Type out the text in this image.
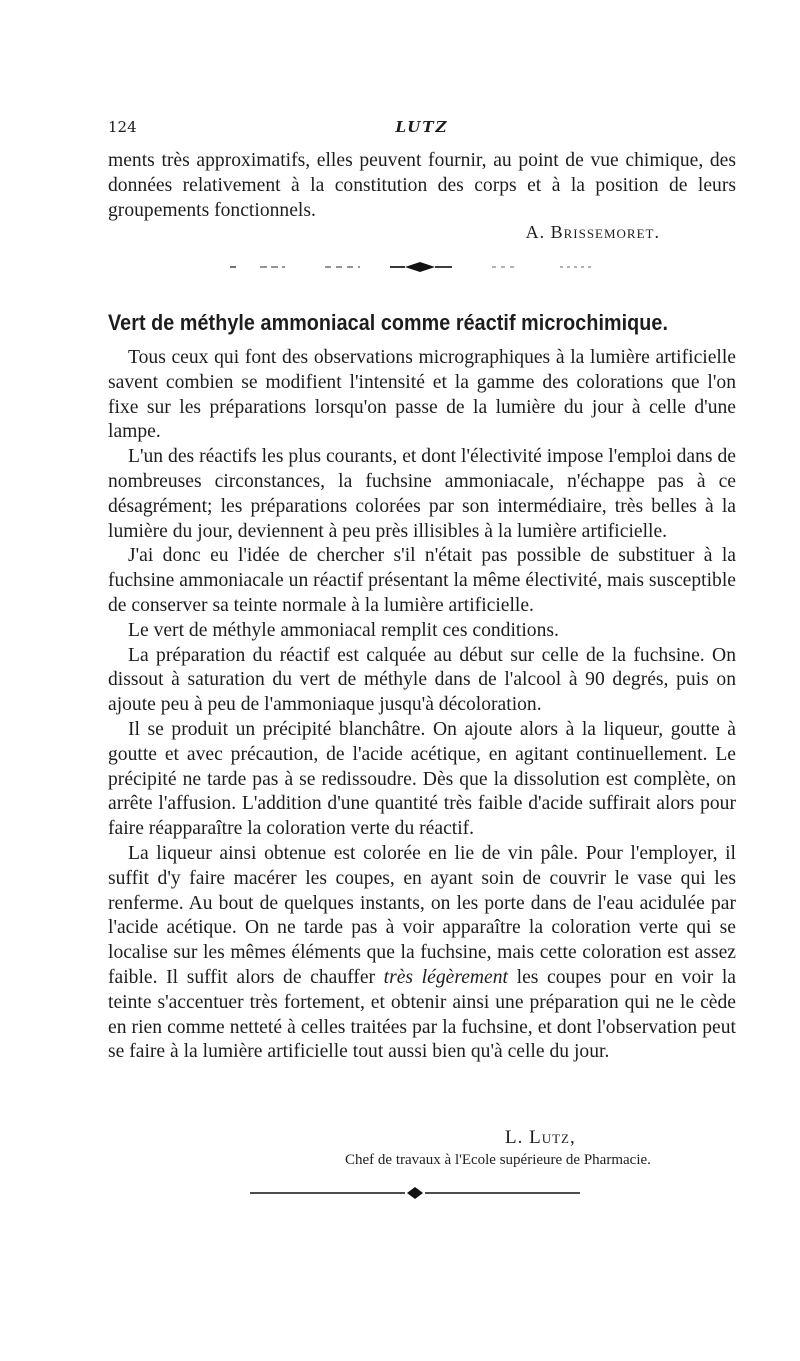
124	LUTZ

ments très approximatifs, elles peuvent fournir, au point de vue chimique, des données relativement à la constitution des corps et à la position de leurs groupements fonctionnels.

A. Brissemoret.
Vert de méthyle ammoniacal comme réactif microchimique.

Tous ceux qui font des observations micrographiques à la lumière artificielle savent combien se modifient l'intensité et la gamme des colorations que l'on fixe sur les préparations lorsqu'on passe de la lumière du jour à celle d'une lampe.

L'un des réactifs les plus courants, et dont l'électivité impose l'emploi dans de nombreuses circonstances, la fuchsine ammoniacale, n'échappe pas à ce désagrément; les préparations colorées par son intermédiaire, très belles à la lumière du jour, deviennent à peu près illisibles à la lumière artificielle.

J'ai donc eu l'idée de chercher s'il n'était pas possible de substituer à la fuchsine ammoniacale un réactif présentant la même électivité, mais susceptible de conserver sa teinte normale à la lumière artificielle.

Le vert de méthyle ammoniacal remplit ces conditions.

La préparation du réactif est calquée au début sur celle de la fuchsine. On dissout à saturation du vert de méthyle dans de l'alcool à 90 degrés, puis on ajoute peu à peu de l'ammoniaque jusqu'à décoloration.

Il se produit un précipité blanchâtre. On ajoute alors à la liqueur, goutte à goutte et avec précaution, de l'acide acétique, en agitant continuellement. Le précipité ne tarde pas à se redissoudre. Dès que la dissolution est complète, on arrête l'affusion. L'addition d'une quantité très faible d'acide suffirait alors pour faire réapparaître la coloration verte du réactif.

La liqueur ainsi obtenue est colorée en lie de vin pâle. Pour l'employer, il suffit d'y faire macérer les coupes, en ayant soin de couvrir le vase qui les renferme. Au bout de quelques instants, on les porte dans de l'eau acidulée par l'acide acétique. On ne tarde pas à voir apparaître la coloration verte qui se localise sur les mêmes éléments que la fuchsine, mais cette coloration est assez faible. Il suffit alors de chauffer très légèrement les coupes pour en voir la teinte s'accentuer très fortement, et obtenir ainsi une préparation qui ne le cède en rien comme netteté à celles traitées par la fuchsine, et dont l'observation peut se faire à la lumière artificielle tout aussi bien qu'à celle du jour.

L. Lutz,
Chef de travaux à l'Ecole supérieure de Pharmacie.
